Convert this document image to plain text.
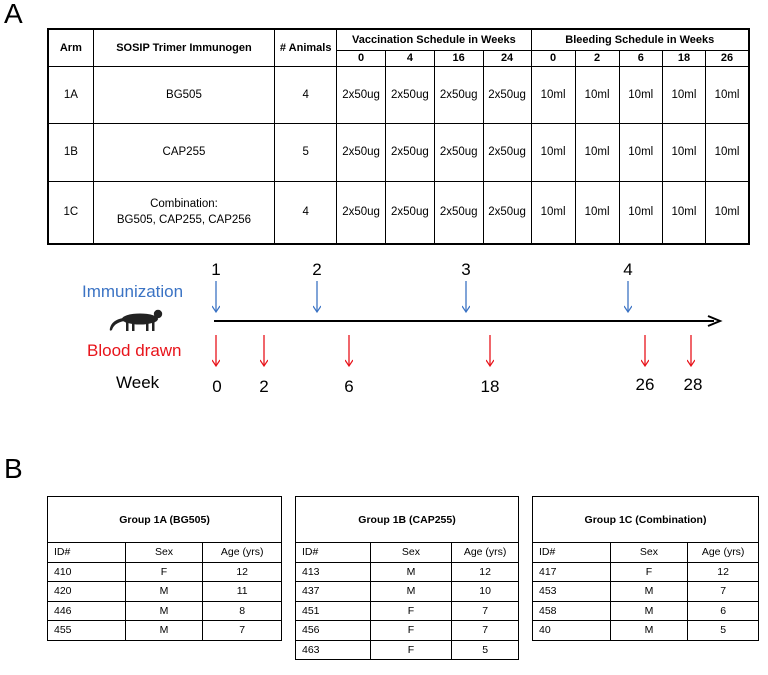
A
Arm	SOSIP Trimer Immunogen	# Animals	Vaccination Schedule in Weeks				Bleeding Schedule in Weeks				
			0	4	16	24	0	2	6	18	26
1A	BG505	4	2x50ug	2x50ug	2x50ug	2x50ug	10ml	10ml	10ml	10ml	10ml
1B	CAP255	5	2x50ug	2x50ug	2x50ug	2x50ug	10ml	10ml	10ml	10ml	10ml
1C	Combination:
BG505, CAP255, CAP256	4	2x50ug	2x50ug	2x50ug	2x50ug	10ml	10ml	10ml	10ml	10ml
1	2	3	4
Immunization
Blood drawn
Week	0 2	6	18	26 28
B
Group 1A (BG505)		
ID#	Sex	Age (yrs)
410	F	12
420	M	11
446	M	8
455	M	7
Group 1B (CAP255)		
ID#	Sex	Age (yrs)
413	M	12
437	M	10
451	F	7
456	F	7
463	F	5
Group 1C (Combination)		
ID#	Sex	Age (yrs)
417	F	12
453	M	7
458	M	6
40	M	5
